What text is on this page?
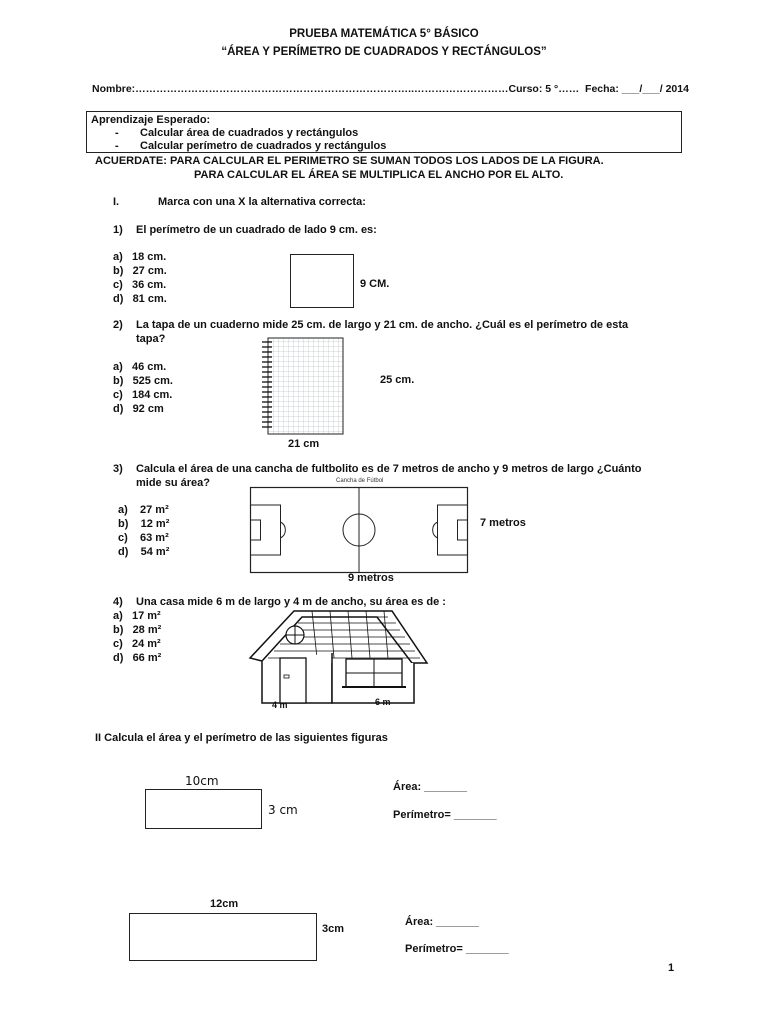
PRUEBA MATEMÁTICA 5° BÁSICO
“ÁREA Y PERÍMETRO DE CUADRADOS Y RECTÁNGULOS”
Nombre:……………………………………………………………………..………………………Curso: 5 °……  Fecha: ___/___/ 2014
Aprendizaje Esperado:
- Calcular área de cuadrados y rectángulos
- Calcular perímetro de cuadrados y rectángulos
ACUERDATE: PARA CALCULAR EL PERIMETRO SE SUMAN TODOS LOS LADOS DE LA FIGURA.
PARA CALCULAR EL ÁREA SE MULTIPLICA EL ANCHO POR EL ALTO.
I.	Marca con una X la alternativa correcta:
1) El perímetro de un cuadrado de lado 9 cm. es:
a) 18 cm.
b) 27 cm.
c) 36 cm.
d) 81 cm.
9 CM.
2) La tapa de un cuaderno mide 25 cm. de largo y 21 cm. de ancho. ¿Cuál es el perímetro de esta
tapa?
a) 46 cm.
b) 525 cm.
c) 184 cm.
d) 92 cm
25 cm.
21 cm
3) Calcula el área de una cancha de fultbolito es de 7 metros de ancho y 9 metros de largo ¿Cuánto
mide su área?
a) 27 m²
b) 12 m²
c) 63 m²
d) 54 m²
Cancha de Fútbol
7 metros
9 metros
4) Una casa mide 6 m de largo y 4 m de ancho, su área es de :
a) 17 m²
b) 28 m²
c) 24 m²
d) 66 m²
4 m	6 m
II Calcula el área y el perímetro de las siguientes figuras
10cm
3 cm
Área: _______
Perímetro= _______
12cm
3cm
Área: _______
Perímetro= _______
1
